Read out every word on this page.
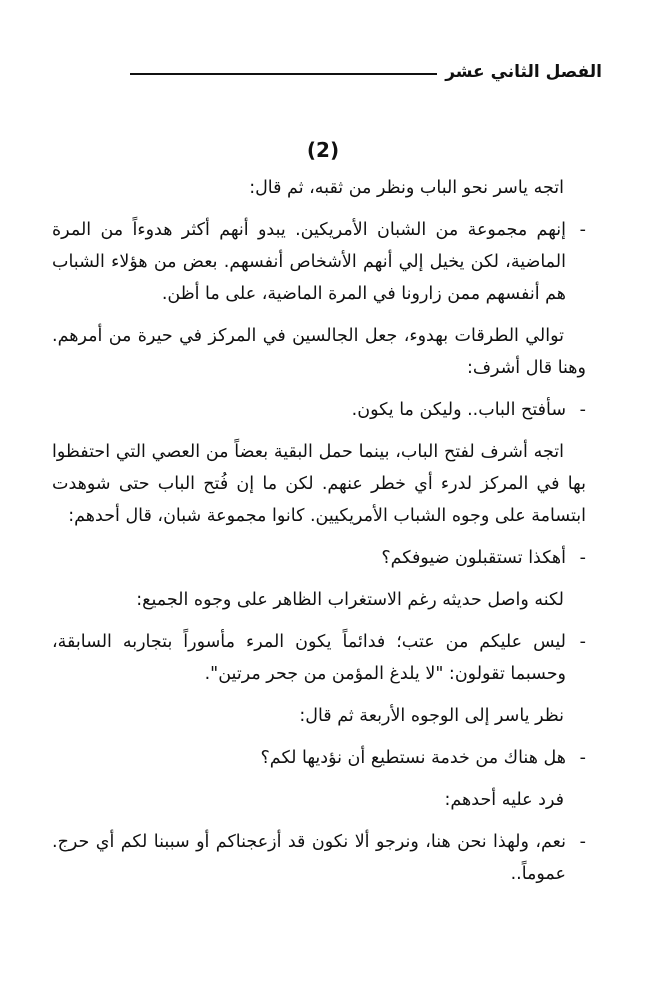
الفصل الثاني عشر
(2)

اتجه ياسر نحو الباب ونظر من ثقبه، ثم قال:

-
إنهم مجموعة من الشبان الأمريكين. يبدو أنهم أكثر هدوءاً من المرة الماضية، لكن يخيل إلي أنهم الأشخاص أنفسهم. بعض من هؤلاء الشباب هم أنفسهم ممن زارونا في المرة الماضية، على ما أظن.

توالي الطرقات بهدوء، جعل الجالسين في المركز في حيرة من أمرهم. وهنا قال أشرف:

-
سأفتح الباب.. وليكن ما يكون.

اتجه أشرف لفتح الباب، بينما حمل البقية بعضاً من العصي التي احتفظوا بها في المركز لدرء أي خطر عنهم. لكن ما إن فُتح الباب حتى شوهدت ابتسامة على وجوه الشباب الأمريكيين. كانوا مجموعة شبان، قال أحدهم:

-
أهكذا تستقبلون ضيوفكم؟

لكنه واصل حديثه رغم الاستغراب الظاهر على وجوه الجميع:

-
ليس عليكم من عتب؛ فدائماً يكون المرء مأسوراً بتجاربه السابقة، وحسبما تقولون: "لا يلدغ المؤمن من جحر مرتين".

نظر ياسر إلى الوجوه الأربعة ثم قال:

-
هل هناك من خدمة نستطيع أن نؤديها لكم؟

فرد عليه أحدهم:

-
نعم، ولهذا نحن هنا، ونرجو ألا نكون قد أزعجناكم أو سببنا لكم أي حرج. عموماً..
